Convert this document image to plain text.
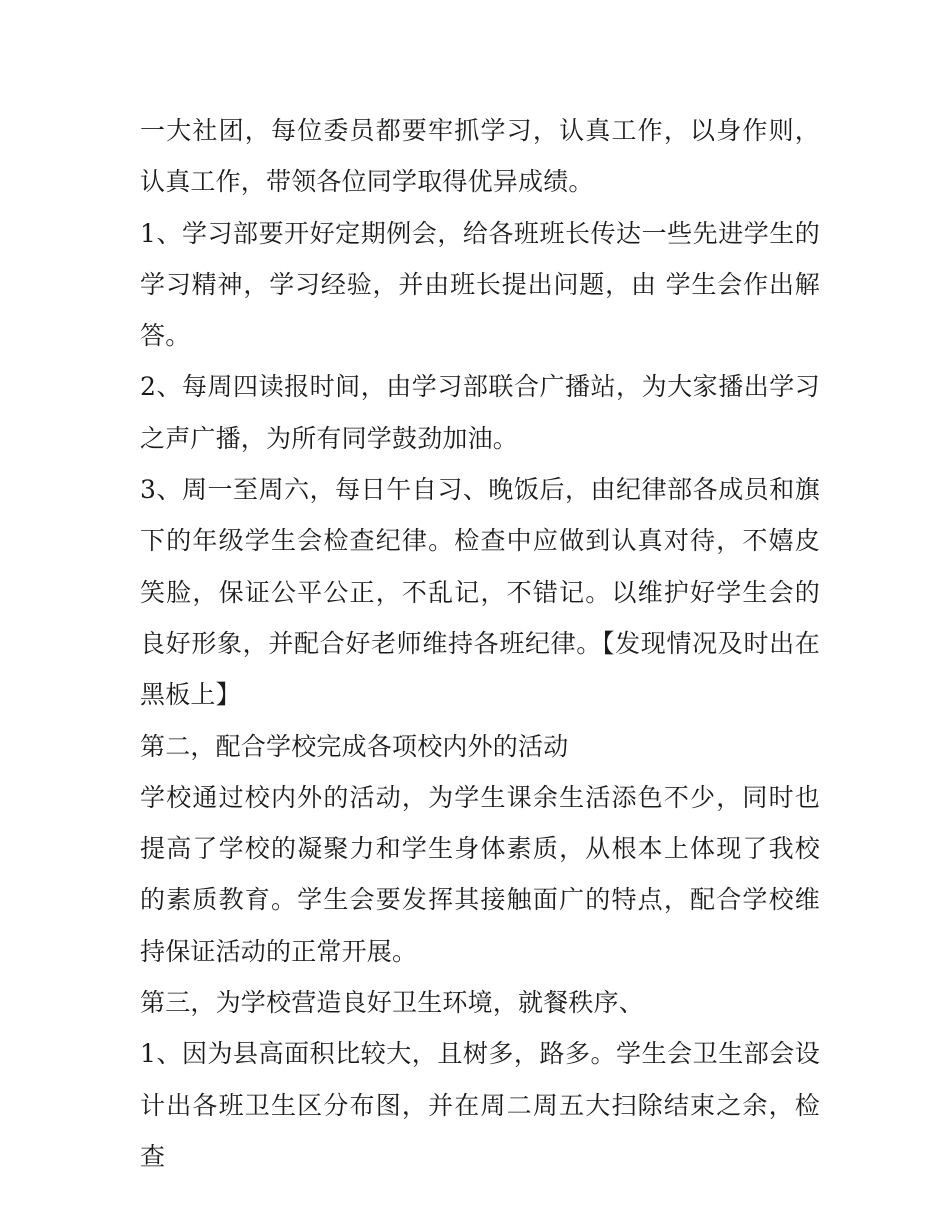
一大社团，每位委员都要牢抓学习，认真工作，以身作则，认真工作，带领各位同学取得优异成绩。

1、学习部要开好定期例会，给各班班长传达一些先进学生的学习精神，学习经验，并由班长提出问题，由 学生会作出解答。

2、每周四读报时间，由学习部联合广播站，为大家播出学习之声广播，为所有同学鼓劲加油。

3、周一至周六，每日午自习、晚饭后，由纪律部各成员和旗下的年级学生会检查纪律。检查中应做到认真对待，不嬉皮笑脸，保证公平公正，不乱记，不错记。以维护好学生会的良好形象，并配合好老师维持各班纪律。【发现情况及时出在黑板上】

第二，配合学校完成各项校内外的活动

学校通过校内外的活动，为学生课余生活添色不少，同时也提高了学校的凝聚力和学生身体素质，从根本上体现了我校的素质教育。学生会要发挥其接触面广的特点，配合学校维持保证活动的正常开展。

第三，为学校营造良好卫生环境，就餐秩序、

1、因为县高面积比较大，且树多，路多。学生会卫生部会设计出各班卫生区分布图，并在周二周五大扫除结束之余，检查
